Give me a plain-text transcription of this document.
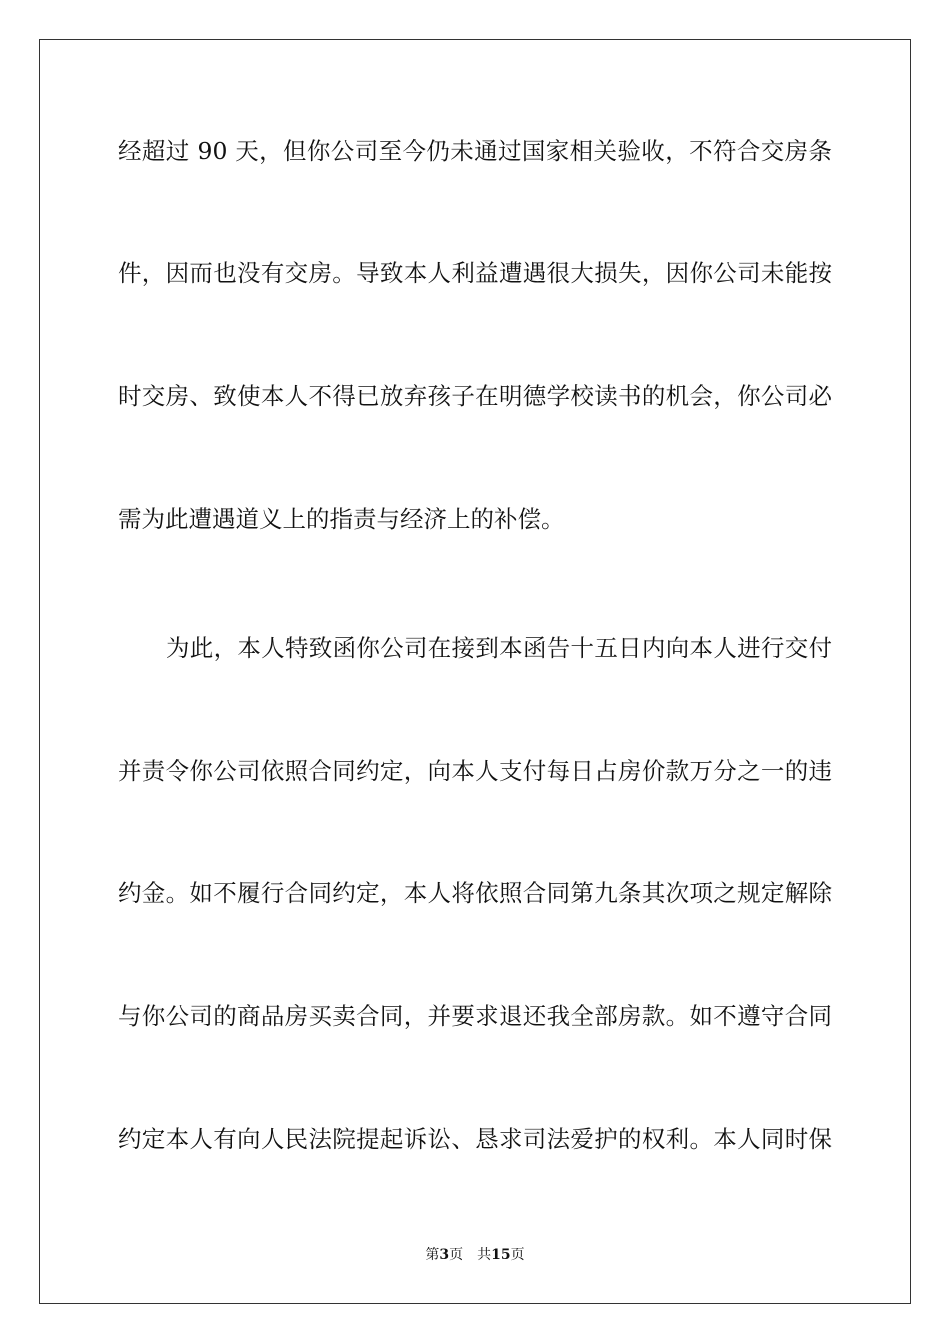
经超过 90 天，但你公司至今仍未通过国家相关验收，不符合交房条
件，因而也没有交房。导致本人利益遭遇很大损失，因你公司未能按
时交房、致使本人不得已放弃孩子在明德学校读书的机会，你公司必
需为此遭遇道义上的指责与经济上的补偿。
为此，本人特致函你公司在接到本函告十五日内向本人进行交付
并责令你公司依照合同约定，向本人支付每日占房价款万分之一的违
约金。如不履行合同约定，本人将依照合同第九条其次项之规定解除
与你公司的商品房买卖合同，并要求退还我全部房款。如不遵守合同
约定本人有向人民法院提起诉讼、恳求司法爱护的权利。本人同时保
第3页 共15页
